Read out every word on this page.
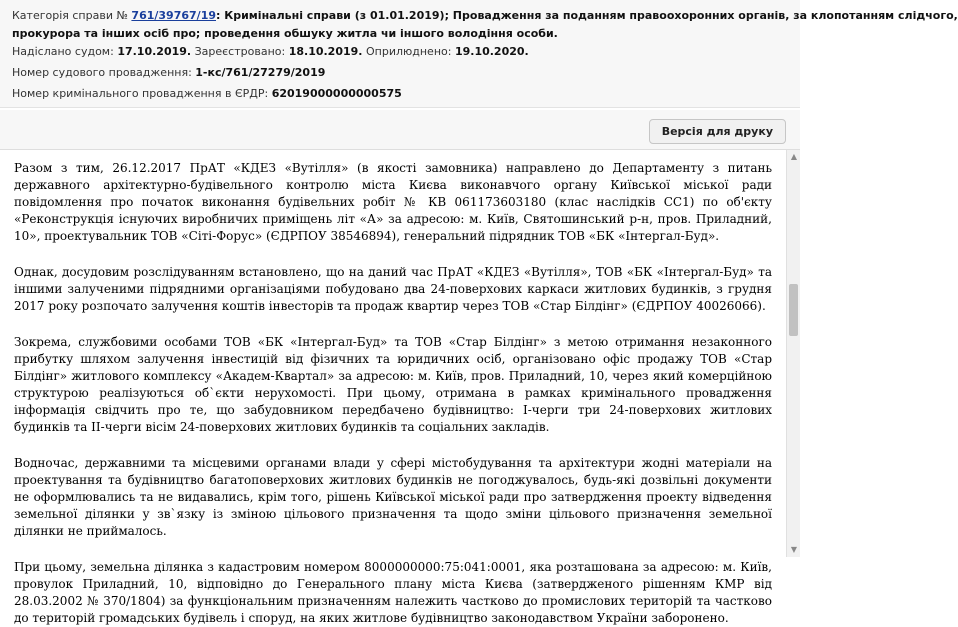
Категорія справи № 761/39767/19: Кримінальні справи (з 01.01.2019); Провадження за поданням правоохоронних органів, за клопотанням слідчого,
прокурора та інших осіб про; проведення обшуку житла чи іншого володіння особи.
Надіслано судом: 17.10.2019. Зареєстровано: 18.10.2019. Оприлюднено: 19.10.2020.
Номер судового провадження: 1-кс/761/27279/2019
Номер кримінального провадження в ЄРДР: 62019000000000575
Версія для друку

Разом з тим, 26.12.2017 ПрАТ «КДЕЗ «Вутілля» (в якості замовника) направлено до Департаменту з питань державного архітектурно-будівельного контролю міста Києва виконавчого органу Київської міської ради повідомлення про початок виконання будівельних робіт № КВ 061173603180 (клас наслідків СС1) по об'єкту «Реконструкція існуючих виробничих приміщень літ «А» за адресою: м. Київ, Святошинський р-н, пров. Приладний, 10», проектувальник ТОВ «Сіті-Форус» (ЄДРПОУ 38546894), генеральний підрядник ТОВ «БК «Інтергал-Буд».

Однак, досудовим розслідуванням встановлено, що на даний час ПрАТ «КДЕЗ «Вутілля», ТОВ «БК «Інтергал-Буд» та іншими залученими підрядними організаціями побудовано два 24-поверхових каркаси житлових будинків, з грудня 2017 року розпочато залучення коштів інвесторів та продаж квартир через ТОВ «Стар Білдінг» (ЄДРПОУ 40026066).

Зокрема, службовими особами ТОВ «БК «Інтергал-Буд» та ТОВ «Стар Білдінг» з метою отримання незаконного прибутку шляхом залучення інвестицій від фізичних та юридичних осіб, організовано офіс продажу ТОВ «Стар Білдінг» житлового комплексу «Академ-Квартал» за адресою: м. Київ, пров. Приладний, 10, через який комерційною структурою реалізуються об`єкти нерухомості. При цьому, отримана в рамках кримінального провадження інформація свідчить про те, що забудовником передбачено будівництво: І-черги три 24-поверхових житлових будинків та ІІ-черги вісім 24-поверхових житлових будинків та соціальних закладів.

Водночас, державними та місцевими органами влади у сфері містобудування та архітектури жодні матеріали на проектування та будівництво багатоповерхових житлових будинків не погоджувалось, будь-які дозвільні документи не оформлювались та не видавались, крім того, рішень Київської міської ради про затвердження проекту відведення земельної ділянки у зв`язку із зміною цільового призначення та щодо зміни цільового призначення земельної ділянки не приймалось.

При цьому, земельна ділянка з кадастровим номером 8000000000:75:041:0001, яка розташована за адресою: м. Київ, провулок Приладний, 10, відповідно до Генерального плану міста Києва (затвердженого рішенням КМР від 28.03.2002 № 370/1804) за функціональним призначенням належить частково до промислових територій та частково до територій громадських будівель і споруд, на яких житлове будівництво законодавством України заборонено.

▲
▼
